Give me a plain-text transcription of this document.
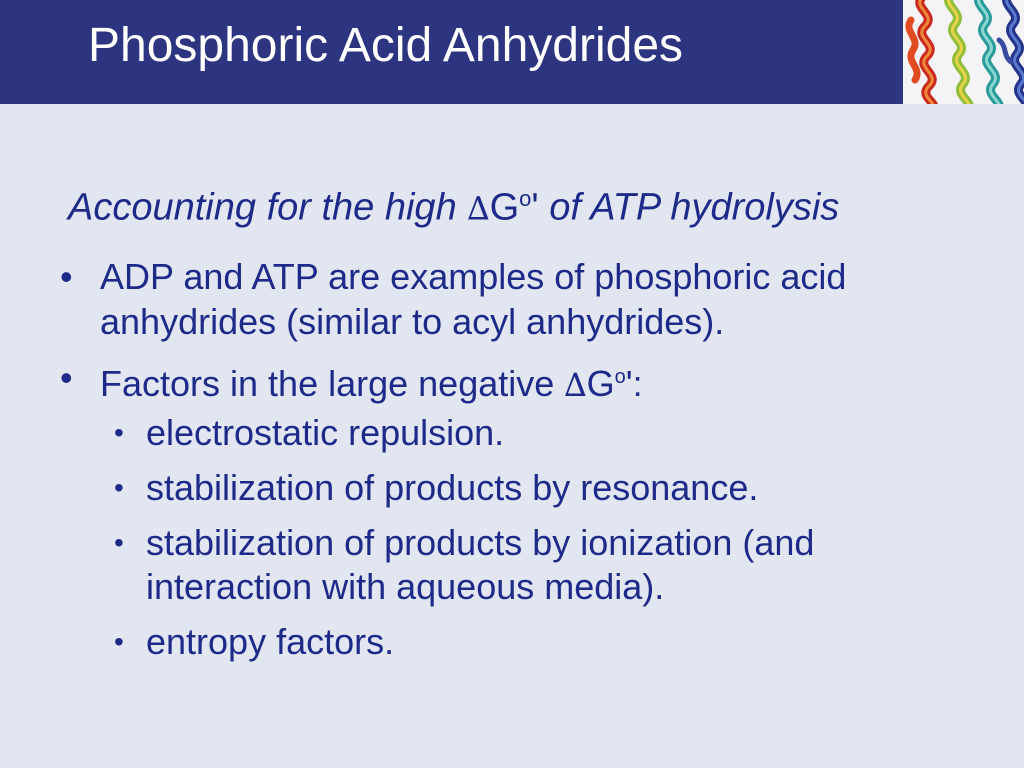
Phosphoric Acid Anhydrides
Accounting for the high $\Delta G^o'$ of ATP hydrolysis
• ADP and ATP are examples of phosphoric acid anhydrides (similar to acyl anhydrides).
• Factors in the large negative $\Delta G^o'$:
• electrostatic repulsion.
• stabilization of products by resonance.
• stabilization of products by ionization (and interaction with aqueous media).
• entropy factors.
